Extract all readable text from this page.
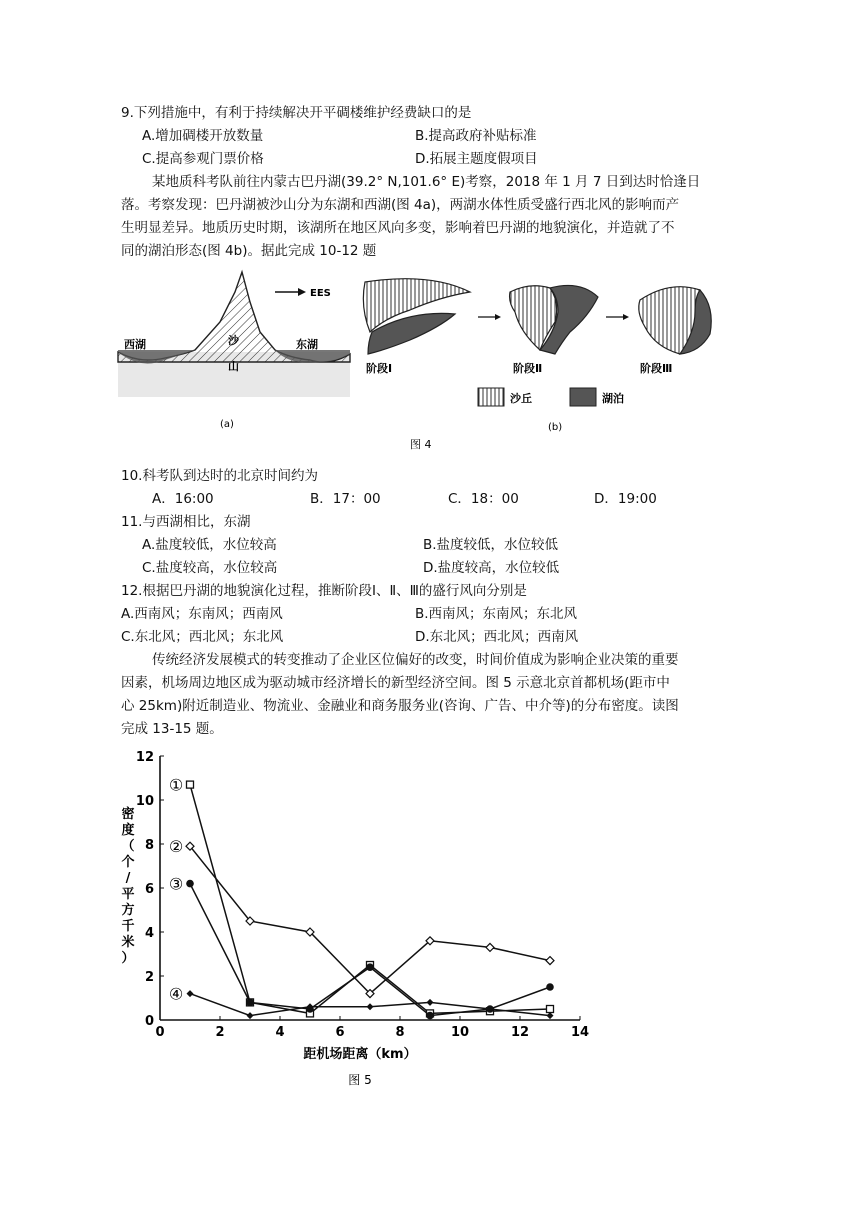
9.下列措施中，有利于持续解决开平碉楼维护经费缺口的是
A.增加碉楼开放数量	B.提高政府补贴标准
C.提高参观门票价格	D.拓展主题度假项目
某地质科考队前往内蒙古巴丹湖(39.2° N,101.6° E)考察，2018 年 1 月 7 日到达时恰逢日
落。考察发现：巴丹湖被沙山分为东湖和西湖(图 4a)，两湖水体性质受盛行西北风的影响而产
生明显差异。地质历史时期，该湖所在地区风向多变，影响着巴丹湖的地貌演化，并造就了不
同的湖泊形态(图 4b)。据此完成 10-12 题
EES
西湖	沙
山
东湖
(a)
阶段Ⅰ	阶段Ⅱ	阶段Ⅲ
沙丘	湖泊
(b)
图 4
10.科考队到达时的北京时间约为
A．16:00	B．17：00	C．18：00	D．19:00
11.与西湖相比，东湖
A.盐度较低，水位较高	B.盐度较低，水位较低
C.盐度较高，水位较高	D.盐度较高，水位较低
12.根据巴丹湖的地貌演化过程，推断阶段Ⅰ、Ⅱ、Ⅲ的盛行风向分别是
A.西南风；东南风；西南风	B.西南风；东南风；东北风
C.东北风；西北风；东北风	D.东北风；西北风；西南风
传统经济发展模式的转变推动了企业区位偏好的改变，时间价值成为影响企业决策的重要
因素，机场周边地区成为驱动城市经济增长的新型经济空间。图 5 示意北京首都机场(距市中
心 25km)附近制造业、物流业、金融业和商务服务业(咨询、广告、中介等)的分布密度。读图
完成 13-15 题。
0	2	4	6	8	10	12	14
0
2
4
6
8
10
12
密
度
（
个
/
平
方
千
米
）
①
②
③
④
距机场距离（km）
图 5
